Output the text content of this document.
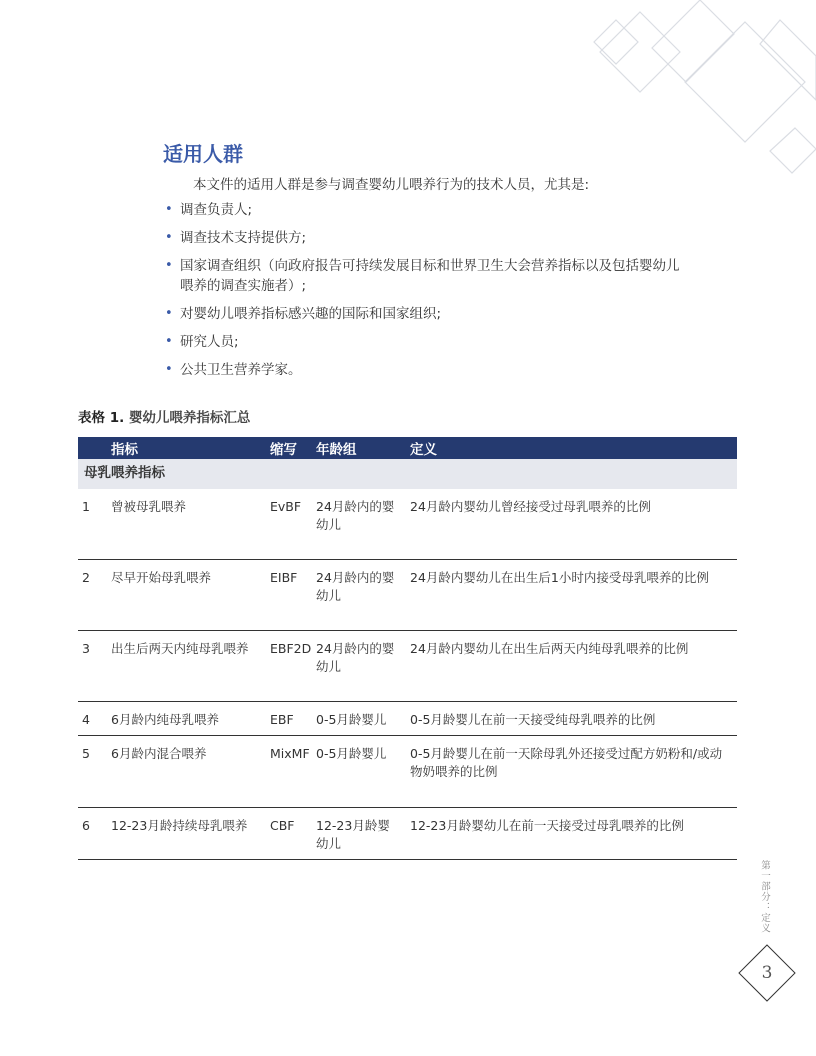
适用人群

本文件的适用人群是参与调查婴幼儿喂养行为的技术人员，尤其是:

• 调查负责人;
• 调查技术支持提供方;
• 国家调查组织（向政府报告可持续发展目标和世界卫生大会营养指标以及包括婴幼儿喂养的调查实施者）;
• 对婴幼儿喂养指标感兴趣的国际和国家组织;
• 研究人员;
• 公共卫生营养学家。

表格 1. 婴幼儿喂养指标汇总

	指标	缩写	年龄组	定义
母乳喂养指标				
1	曾被母乳喂养	EvBF	24月龄内的婴幼儿	24月龄内婴幼儿曾经接受过母乳喂养的比例
2	尽早开始母乳喂养	EIBF	24月龄内的婴幼儿	24月龄内婴幼儿在出生后1小时内接受母乳喂养的比例
3	出生后两天内纯母乳喂养	EBF2D	24月龄内的婴幼儿	24月龄内婴幼儿在出生后两天内纯母乳喂养的比例
4	6月龄内纯母乳喂养	EBF	0-5月龄婴儿	0-5月龄婴儿在前一天接受纯母乳喂养的比例
5	6月龄内混合喂养	MixMF	0-5月龄婴儿	0-5月龄婴儿在前一天除母乳外还接受过配方奶粉和/或动物奶喂养的比例
6	12-23月龄持续母乳喂养	CBF	12-23月龄婴幼儿	12-23月龄婴幼儿在前一天接受过母乳喂养的比例
第一部分：定义
3
